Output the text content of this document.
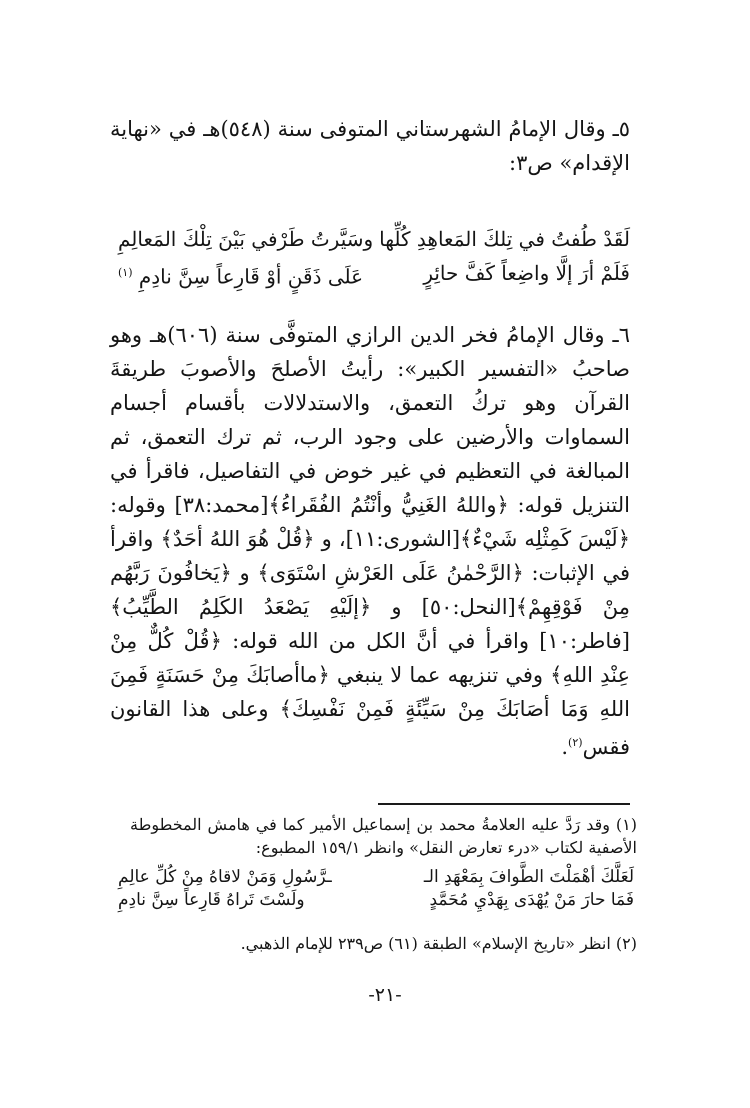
٥ـ وقال الإمامُ الشهرستاني المتوفى سنة (٥٤٨)هـ في «نهاية الإقدام» ص٣:

لَقَدْ طُفتُ في تِلكَ المَعاهِدِ كُلِّها
وسَيَّرتُ طَرْفي بَيْنَ تِلْكَ المَعالِمِ
فَلَمْ أرَ إلَّا واضِعاً كَفَّ حائِرٍ
عَلَى ذَقَنٍ أوْ قَارِعاً سِنَّ نادِمِ $^{(١)}$

٦ـ وقال الإمامُ فخر الدين الرازي المتوفَّى سنة (٦٠٦)هـ وهو صاحبُ «التفسير الكبير»: رأيتُ الأصلحَ والأصوبَ طريقةَ القرآن وهو تركُ التعمق، والاستدلالات بأقسام أجسام السماوات والأرضين على وجود الرب، ثم ترك التعمق، ثم المبالغة في التعظيم في غير خوض في التفاصيل، فاقرأ في التنزيل قوله: ﴿واللهُ الغَنِيُّ وأنْتُمُ الفُقَراءُ﴾[محمد:٣٨] وقوله: ﴿لَيْسَ كَمِثْلِه شَيْءٌ﴾[الشورى:١١]، و ﴿قُلْ هُوَ اللهُ أحَدٌ﴾ واقرأ في الإثبات: ﴿الرَّحْمٰنُ عَلَى العَرْشِ اسْتَوَى﴾ و ﴿يَخافُونَ رَبَّهُم مِنْ فَوْقِهِمْ﴾[النحل:٥٠] و ﴿إلَيْهِ يَصْعَدُ الكَلِمُ الطَّيِّبُ﴾[فاطر:١٠] واقرأ في أنَّ الكل من الله قوله: ﴿قُلْ كُلٌّ مِنْ عِنْدِ اللهِ﴾ وفي تنزيهه عما لا ينبغي ﴿ماأصابَكَ مِنْ حَسَنَةٍ فَمِنَ اللهِ وَمَا أصَابَكَ مِنْ سَيِّئَةٍ فَمِنْ نَفْسِكَ﴾ وعلى هذا القانون فقس$^{(٢)}$.

(١) وقد رَدَّ عليه العلامةُ محمد بن إسماعيل الأمير كما في هامش المخطوطة الأصفية لكتاب «درء تعارض النقل» وانظر ١٥٩/١ المطبوع:

لَعَلَّكَ أهْمَلْتَ الطَّوافَ بِمَعْهَدِ الـ
ـرَّسُولِ وَمَنْ لاقاهُ مِنْ كُلِّ عالِمِ
فَمَا حارَ مَنْ يُهْدَى بِهَدْيِ مُحَمَّدٍ
ولَسْتَ تَراهُ قَارِعاً سِنَّ نادِمِ

(٢) انظر «تاريخ الإسلام» الطبقة (٦١) ص٢٣٩ للإمام الذهبي.

-٢١-
